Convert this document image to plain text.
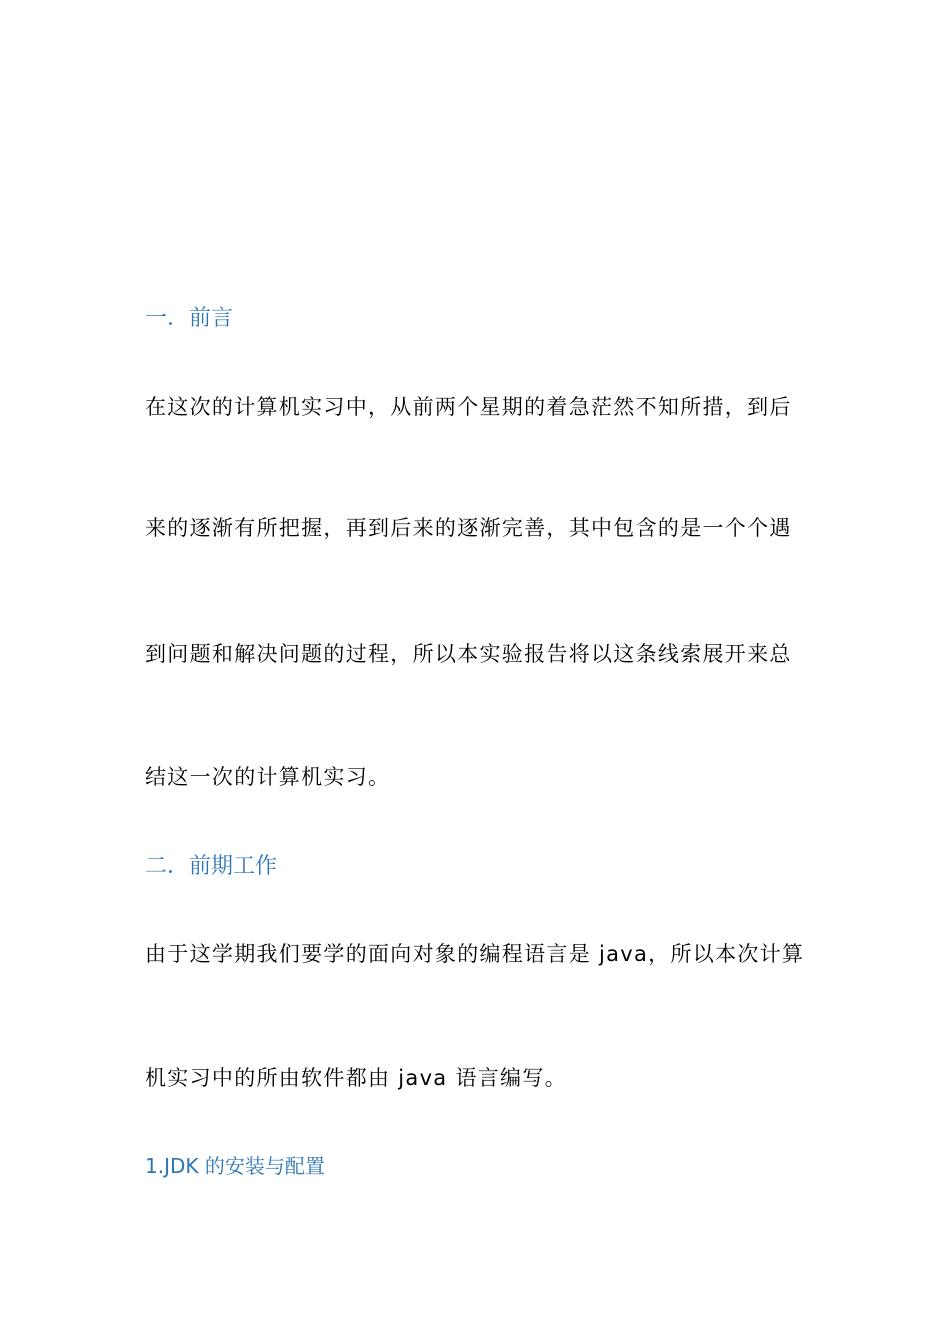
一．前言
在这次的计算机实习中，从前两个星期的着急茫然不知所措，到后
来的逐渐有所把握，再到后来的逐渐完善，其中包含的是一个个遇
到问题和解决问题的过程，所以本实验报告将以这条线索展开来总
结这一次的计算机实习。
二．前期工作
由于这学期我们要学的面向对象的编程语言是 java，所以本次计算
机实习中的所由软件都由 java 语言编写。
1.JDK 的安装与配置
